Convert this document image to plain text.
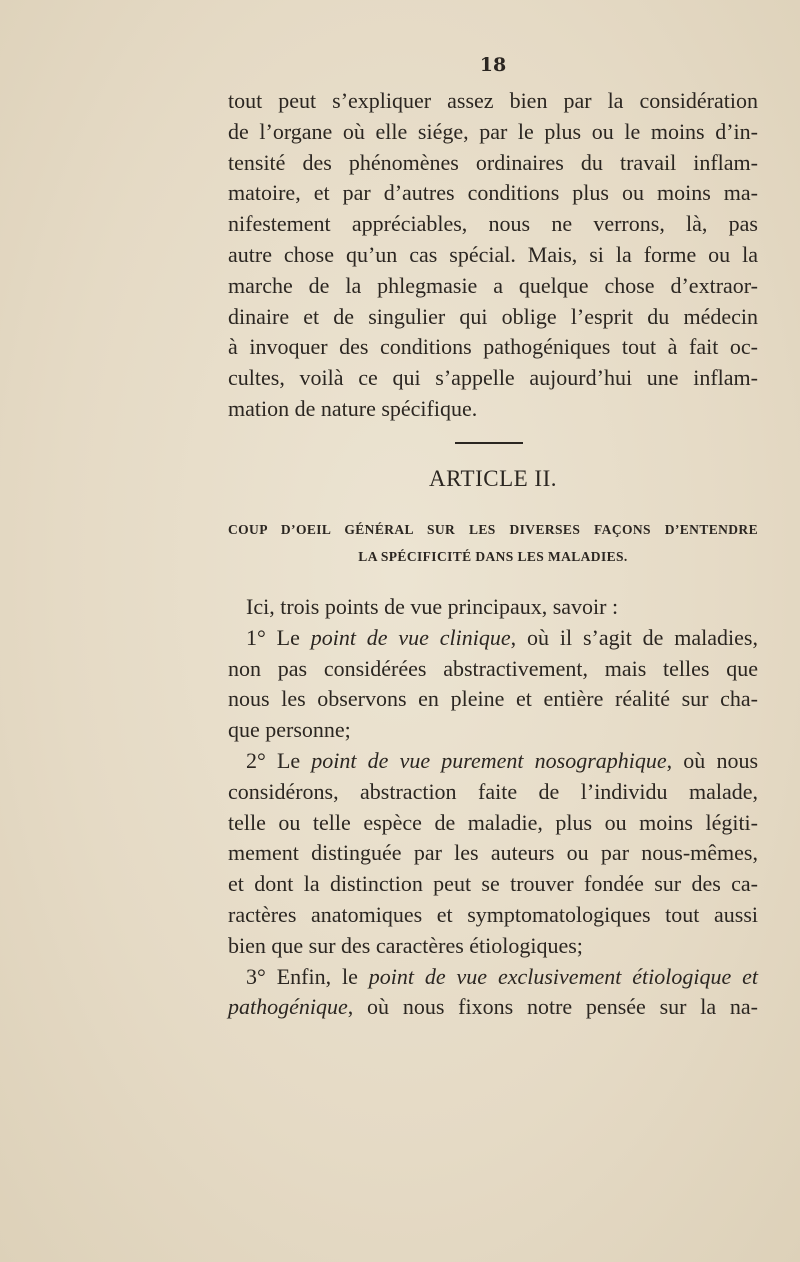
18
tout peut s’expliquer assez bien par la considération
de l’organe où elle siége, par le plus ou le moins d’in-
tensité des phénomènes ordinaires du travail inflam-
matoire, et par d’autres conditions plus ou moins ma-
nifestement appréciables, nous ne verrons, là, pas
autre chose qu’un cas spécial. Mais, si la forme ou la
marche de la phlegmasie a quelque chose d’extraor-
dinaire et de singulier qui oblige l’esprit du médecin
à invoquer des conditions pathogéniques tout à fait oc-
cultes, voilà ce qui s’appelle aujourd’hui une inflam-
mation de nature spécifique.
ARTICLE II.
COUP D’OEIL GÉNÉRAL SUR LES DIVERSES FAÇONS D’ENTENDRE
LA SPÉCIFICITÉ DANS LES MALADIES.
Ici, trois points de vue principaux, savoir :
1° Le point de vue clinique, où il s’agit de maladies,
non pas considérées abstractivement, mais telles que
nous les observons en pleine et entière réalité sur cha-
que personne;
2° Le point de vue purement nosographique, où nous
considérons, abstraction faite de l’individu malade,
telle ou telle espèce de maladie, plus ou moins légiti-
mement distinguée par les auteurs ou par nous-mêmes,
et dont la distinction peut se trouver fondée sur des ca-
ractères anatomiques et symptomatologiques tout aussi
bien que sur des caractères étiologiques;
3° Enfin, le point de vue exclusivement étiologique et
pathogénique, où nous fixons notre pensée sur la na-
